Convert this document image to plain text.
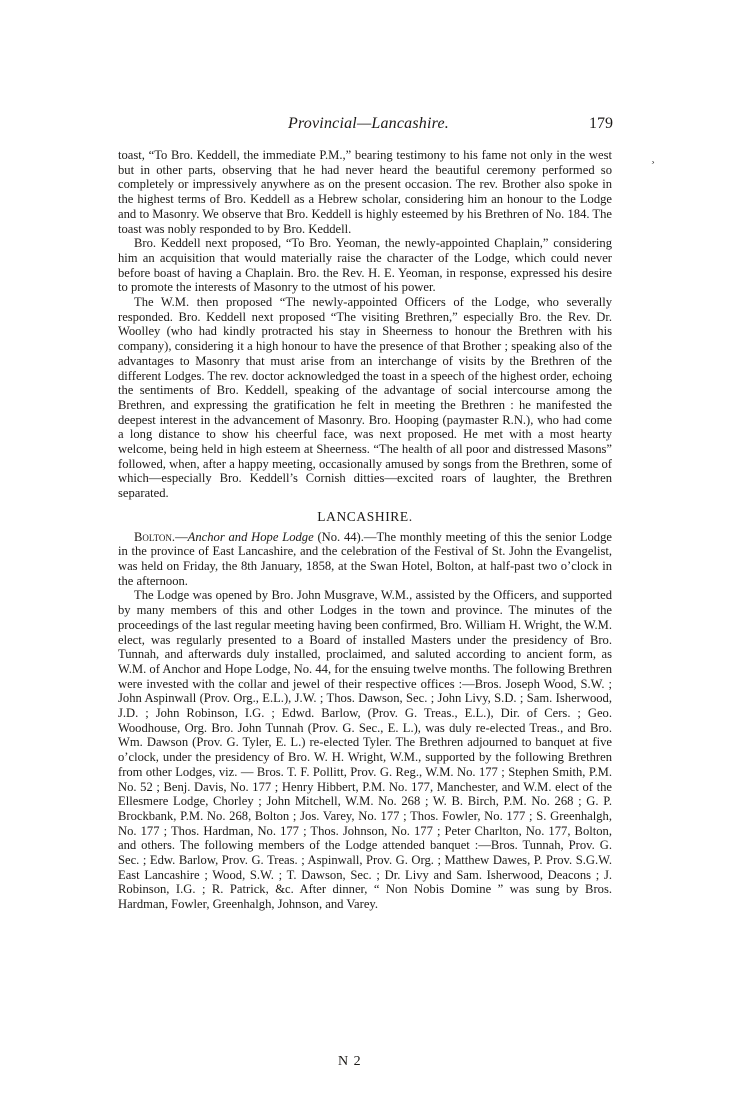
Provincial—Lancashire.	179
¸

toast, “To Bro. Keddell, the immediate P.M.,” bearing testimony to his fame not only in the west but in other parts, observing that he had never heard the beautiful ceremony performed so completely or impressively anywhere as on the present occasion. The rev. Brother also spoke in the highest terms of Bro. Keddell as a Hebrew scholar, considering him an honour to the Lodge and to Masonry. We observe that Bro. Keddell is highly esteemed by his Brethren of No. 184. The toast was nobly responded to by Bro. Keddell.

Bro. Keddell next proposed, “To Bro. Yeoman, the newly-appointed Chaplain,” considering him an acquisition that would materially raise the character of the Lodge, which could never before boast of having a Chaplain. Bro. the Rev. H. E. Yeoman, in response, expressed his desire to promote the interests of Masonry to the utmost of his power.

The W.M. then proposed “The newly-appointed Officers of the Lodge, who severally responded. Bro. Keddell next proposed “The visiting Brethren,” especially Bro. the Rev. Dr. Woolley (who had kindly protracted his stay in Sheerness to honour the Brethren with his company), considering it a high honour to have the presence of that Brother ; speaking also of the advantages to Masonry that must arise from an interchange of visits by the Brethren of the different Lodges. The rev. doctor acknowledged the toast in a speech of the highest order, echoing the sentiments of Bro. Keddell, speaking of the advantage of social intercourse among the Brethren, and expressing the gratification he felt in meeting the Brethren : he manifested the deepest interest in the advancement of Masonry. Bro. Hooping (paymaster R.N.), who had come a long distance to show his cheerful face, was next proposed. He met with a most hearty welcome, being held in high esteem at Sheerness. “The health of all poor and distressed Masons” followed, when, after a happy meeting, occasionally amused by songs from the Brethren, some of which—especially Bro. Keddell’s Cornish ditties—excited roars of laughter, the Brethren separated.

LANCASHIRE.

Bolton.—Anchor and Hope Lodge (No. 44).—The monthly meeting of this the senior Lodge in the province of East Lancashire, and the celebration of the Festival of St. John the Evangelist, was held on Friday, the 8th January, 1858, at the Swan Hotel, Bolton, at half-past two o’clock in the afternoon.

The Lodge was opened by Bro. John Musgrave, W.M., assisted by the Officers, and supported by many members of this and other Lodges in the town and province. The minutes of the proceedings of the last regular meeting having been confirmed, Bro. William H. Wright, the W.M. elect, was regularly presented to a Board of installed Masters under the presidency of Bro. Tunnah, and afterwards duly installed, proclaimed, and saluted according to ancient form, as W.M. of Anchor and Hope Lodge, No. 44, for the ensuing twelve months. The following Brethren were invested with the collar and jewel of their respective offices :—Bros. Joseph Wood, S.W. ; John Aspinwall (Prov. Org., E.L.), J.W. ; Thos. Dawson, Sec. ; John Livy, S.D. ; Sam. Isherwood, J.D. ; John Robinson, I.G. ; Edwd. Barlow, (Prov. G. Treas., E.L.), Dir. of Cers. ; Geo. Woodhouse, Org. Bro. John Tunnah (Prov. G. Sec., E. L.), was duly re-elected Treas., and Bro. Wm. Dawson (Prov. G. Tyler, E. L.) re-elected Tyler. The Brethren adjourned to banquet at five o’clock, under the presidency of Bro. W. H. Wright, W.M., supported by the following Brethren from other Lodges, viz. — Bros. T. F. Pollitt, Prov. G. Reg., W.M. No. 177 ; Stephen Smith, P.M. No. 52 ; Benj. Davis, No. 177 ; Henry Hibbert, P.M. No. 177, Manchester, and W.M. elect of the Ellesmere Lodge, Chorley ; John Mitchell, W.M. No. 268 ; W. B. Birch, P.M. No. 268 ; G. P. Brockbank, P.M. No. 268, Bolton ; Jos. Varey, No. 177 ; Thos. Fowler, No. 177 ; S. Greenhalgh, No. 177 ; Thos. Hardman, No. 177 ; Thos. Johnson, No. 177 ; Peter Charlton, No. 177, Bolton, and others. The following members of the Lodge attended banquet :—Bros. Tunnah, Prov. G. Sec. ; Edw. Barlow, Prov. G. Treas. ; Aspinwall, Prov. G. Org. ; Matthew Dawes, P. Prov. S.G.W. East Lancashire ; Wood, S.W. ; T. Dawson, Sec. ; Dr. Livy and Sam. Isherwood, Deacons ; J. Robinson, I.G. ; R. Patrick, &c. After dinner, “ Non Nobis Domine ” was sung by Bros. Hardman, Fowler, Greenhalgh, Johnson, and Varey.

N 2
